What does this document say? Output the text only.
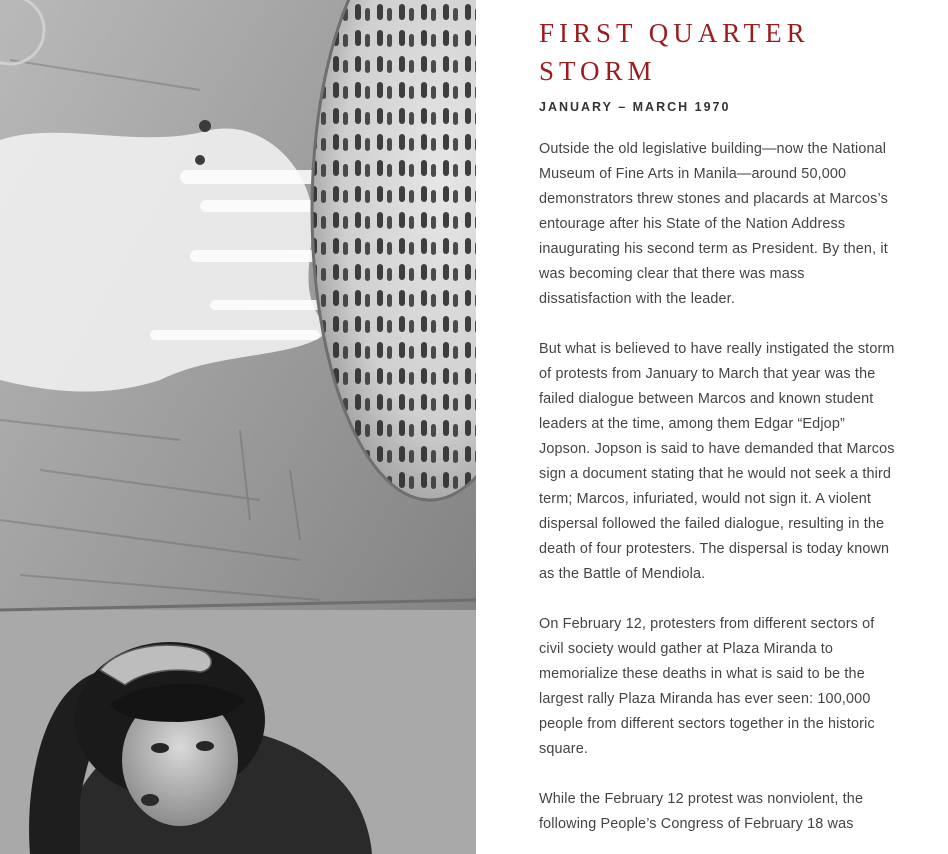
FIRST QUARTER STORM
JANUARY – MARCH 1970

Outside the old legislative building—now the National Museum of Fine Arts in Manila—around 50,000 demonstrators threw stones and placards at Marcos’s entourage after his State of the Nation Address inaugurating his second term as President. By then, it was becoming clear that there was mass dissatisfaction with the leader.

But what is believed to have really instigated the storm of protests from January to March that year was the failed dialogue between Marcos and known student leaders at the time, among them Edgar “Edjop” Jopson. Jopson is said to have demanded that Marcos sign a document stating that he would not seek a third term; Marcos, infuriated, would not sign it. A violent dispersal followed the failed dialogue, resulting in the death of four protesters. The dispersal is today known as the Battle of Mendiola.

On February 12, protesters from different sectors of civil society would gather at Plaza Miranda to memorialize these deaths in what is said to be the largest rally Plaza Miranda has ever seen: 100,000 people from different sectors together in the historic square.

While the February 12 protest was nonviolent, the following People’s Congress of February 18 was
